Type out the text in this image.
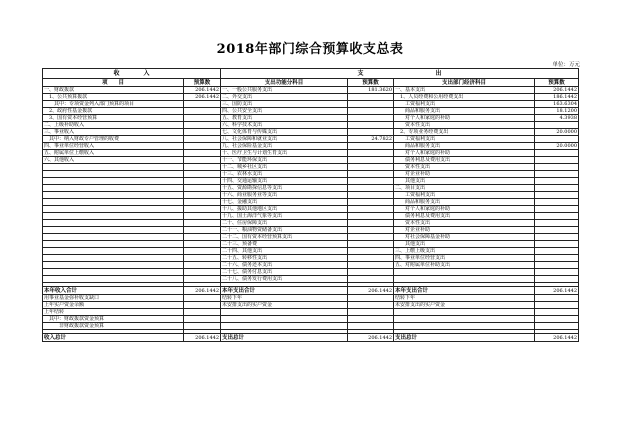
2018年部门综合预算收支总表
单位：万元
收　　　　入		支　　　　　　　　　　　　出			
项　　目	预算数	支出功能分科目	预算数	支出部门经济科目	预算数
一、财政拨款	206.1442	一、一般公共服务支出	181.3620	一、基本支出	206.1442
　1、公共预算拨款	206.1442	二、外交支出		　1、人员经费和公用经费支出	186.1442
　　其中：专项资金列入部门预算的项目		三、国防支出		　　工资福利支出	163.6304
　2、政府性基金拨款		四、公共安全支出		　　商品和服务支出	18.1200
　3、国有资本经营预算		五、教育支出		　　对个人和家庭的补助	4.3938
二、上级补助收入		六、科学技术支出		　　资本性支出	
三、事业收入		七、文化体育与传媒支出		　2、专项业务经费支出	20.0000
　其中：纳入财政专户管理的收费		八、社会保障和就业支出	24.7822	　　工资福利支出	
四、事业单位经营收入		九、社会保险基金支出		　　商品和服务支出	20.0000
五、附属单位上缴收入		十、医疗卫生与计划生育支出		　　对个人和家庭的补助	
六、其他收入		十一、节能环保支出		　　债务利息及费用支出	
		十二、城乡社区支出		　　资本性支出	
		十三、农林水支出		　　对企业补助	
		十四、交通运输支出		　　其他支出	
		十五、资源勘探信息等支出		二、项目支出	
		十六、商业服务业等支出		　　工资福利支出	
		十七、金融支出		　　商品和服务支出	
		十八、援助其他地区支出		　　对个人和家庭的补助	
		十九、国土海洋气象等支出		　　债务利息及费用支出	
		二十、住房保障支出		　　资本性支出	
		二十一、粮油物资储备支出		　　对企业补助	
		二十二、国有资本经营预算支出		　　对社会保障基金补助	
		二十三、预备费		　　其他支出	
		二十四、其他支出		三、上缴上级支出	
		二十五、转移性支出		四、事业单位经营支出	
		二十六、债务还本支出		五、对附属单位补助支出	
		二十七、债务付息支出			
		二十八、债务发行费用支出			

本年收入合计	206.1442	本年支出合计	206.1442	本年支出合计	206.1442
用事业基金弥补收支缺口		结转下年		结转下年	
上年实户资金余额		未安排支出的实户资金		未安排支出的实户资金	
上年结转					
　其中：财政拨款资金预算					
　　　非财政拨款资金预算					

收入总计	206.1442	支出总计	206.1442	支出总计	206.1442
